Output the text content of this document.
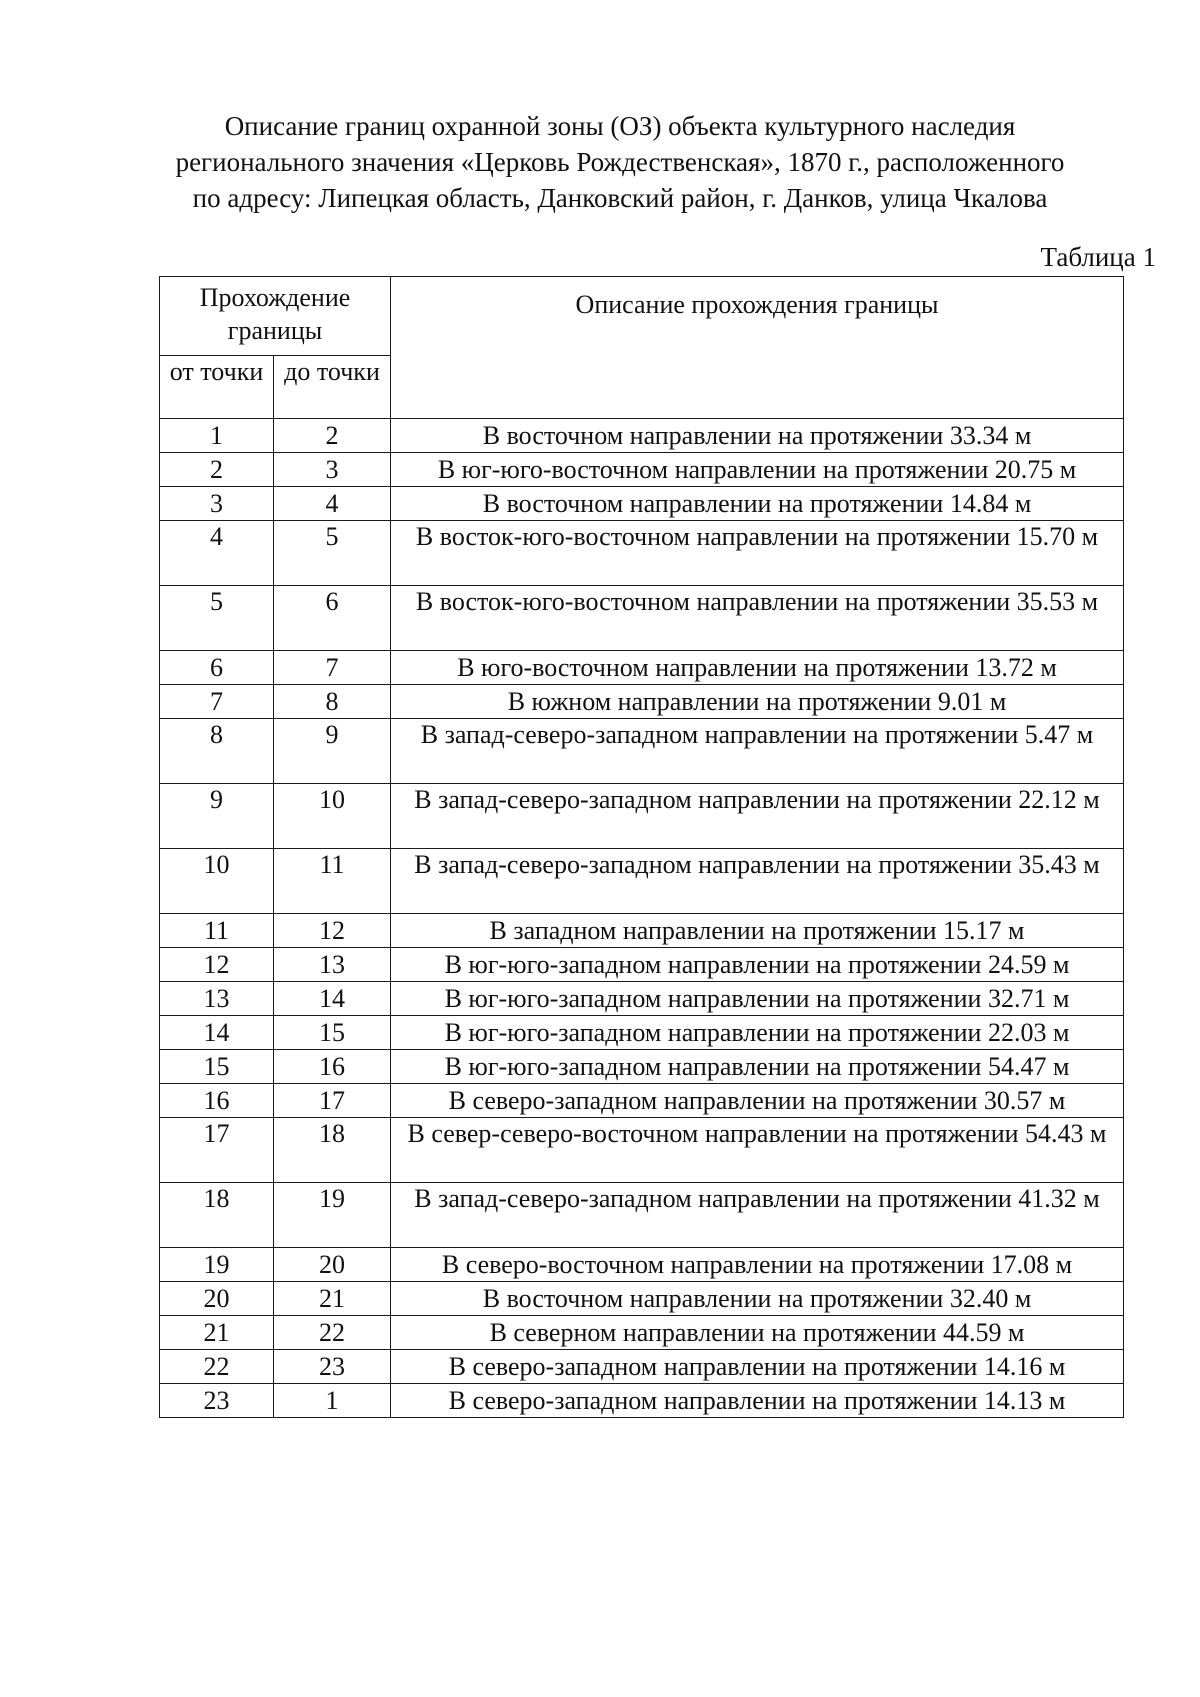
Описание границ охранной зоны (ОЗ) объекта культурного наследия
регионального значения «Церковь Рождественская», 1870 г., расположенного
по адресу: Липецкая область, Данковский район, г. Данков, улица Чкалова
Таблица 1
Прохождение границы		Описание прохождения границы
от точки	до точки	
1	2	В восточном направлении на протяжении 33.34 м
2	3	В юг-юго-восточном направлении на протяжении 20.75 м
3	4	В восточном направлении на протяжении 14.84 м
4	5	В восток-юго-восточном направлении на протяжении 15.70 м
5	6	В восток-юго-восточном направлении на протяжении 35.53 м
6	7	В юго-восточном направлении на протяжении 13.72 м
7	8	В южном направлении на протяжении 9.01 м
8	9	В запад-северо-западном направлении на протяжении 5.47 м
9	10	В запад-северо-западном направлении на протяжении 22.12 м
10	11	В запад-северо-западном направлении на протяжении 35.43 м
11	12	В западном направлении на протяжении 15.17 м
12	13	В юг-юго-западном направлении на протяжении 24.59 м
13	14	В юг-юго-западном направлении на протяжении 32.71 м
14	15	В юг-юго-западном направлении на протяжении 22.03 м
15	16	В юг-юго-западном направлении на протяжении 54.47 м
16	17	В северо-западном направлении на протяжении 30.57 м
17	18	В север-северо-восточном направлении на протяжении 54.43 м
18	19	В запад-северо-западном направлении на протяжении 41.32 м
19	20	В северо-восточном направлении на протяжении 17.08 м
20	21	В восточном направлении на протяжении 32.40 м
21	22	В северном направлении на протяжении 44.59 м
22	23	В северо-западном направлении на протяжении 14.16 м
23	1	В северо-западном направлении на протяжении 14.13 м
